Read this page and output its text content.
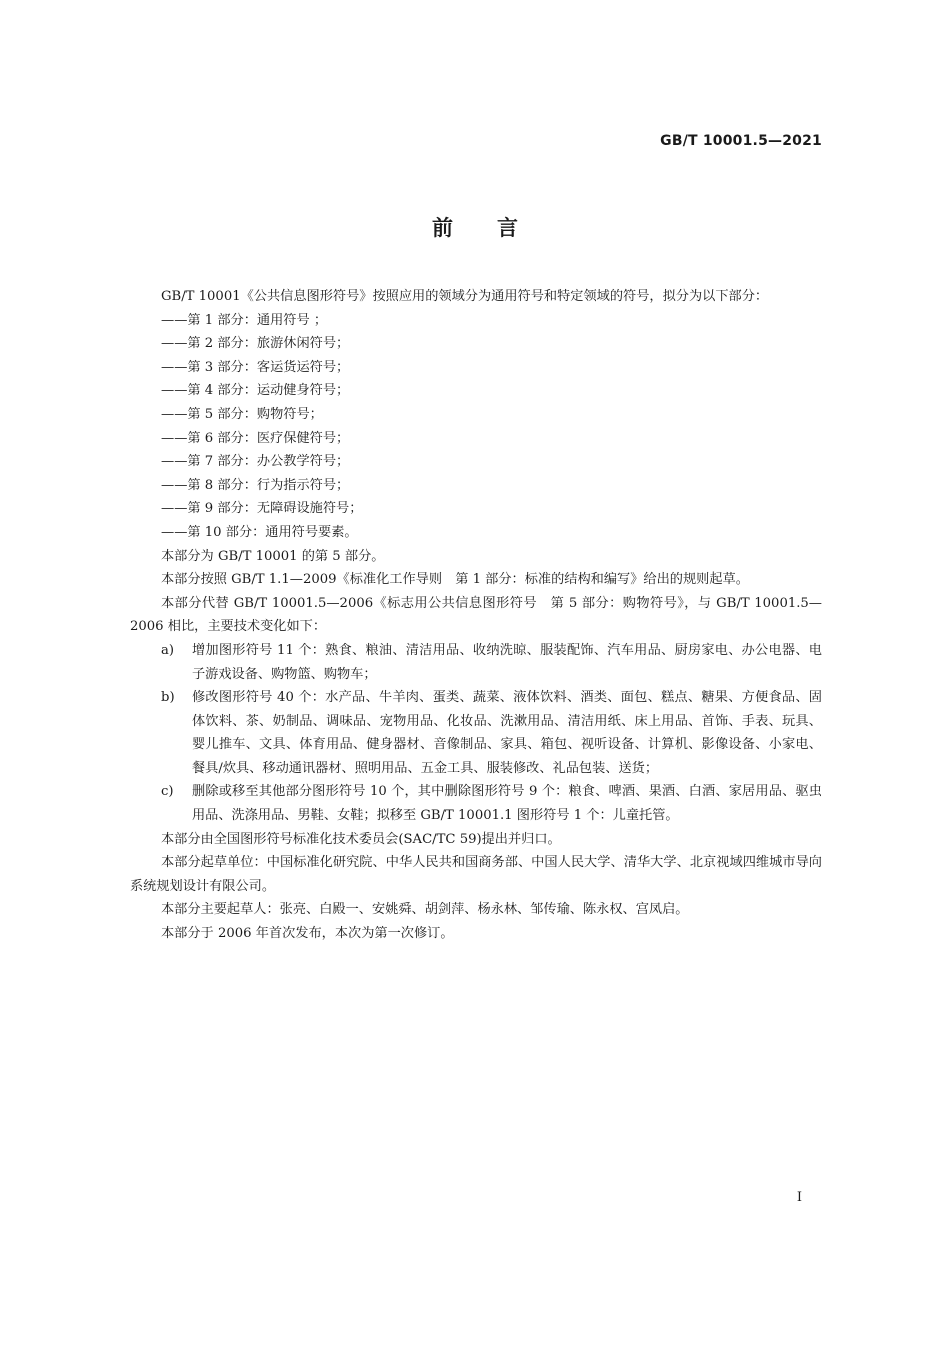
GB/T 10001.5—2021
前言

GB/T 10001《公共信息图形符号》按照应用的领域分为通用符号和特定领域的符号，拟分为以下部分：

——第 1 部分：通用符号 ；

——第 2 部分：旅游休闲符号；

——第 3 部分：客运货运符号；

——第 4 部分：运动健身符号；

——第 5 部分：购物符号；

——第 6 部分：医疗保健符号；

——第 7 部分：办公教学符号；

——第 8 部分：行为指示符号；

——第 9 部分：无障碍设施符号；

——第 10 部分：通用符号要素。

本部分为 GB/T 10001 的第 5 部分。

本部分按照 GB/T 1.1—2009《标准化工作导则　第 1 部分：标准的结构和编写》给出的规则起草。

本部分代替 GB/T 10001.5—2006《标志用公共信息图形符号　第 5 部分：购物符号》，与 GB/T 10001.5—2006 相比，主要技术变化如下：

a) 增加图形符号 11 个：熟食、粮油、清洁用品、收纳洗晾、服装配饰、汽车用品、厨房家电、办公电器、电子游戏设备、购物篮、购物车；
b) 修改图形符号 40 个：水产品、牛羊肉、蛋类、蔬菜、液体饮料、酒类、面包、糕点、糖果、方便食品、固体饮料、茶、奶制品、调味品、宠物用品、化妆品、洗漱用品、清洁用纸、床上用品、首饰、手表、玩具、婴儿推车、文具、体育用品、健身器材、音像制品、家具、箱包、视听设备、计算机、影像设备、小家电、餐具/炊具、移动通讯器材、照明用品、五金工具、服装修改、礼品包装、送货；
c) 删除或移至其他部分图形符号 10 个，其中删除图形符号 9 个：粮食、啤酒、果酒、白酒、家居用品、驱虫用品、洗涤用品、男鞋、女鞋；拟移至 GB/T 10001.1 图形符号 1 个：儿童托管。

本部分由全国图形符号标准化技术委员会(SAC/TC 59)提出并归口。

本部分起草单位：中国标准化研究院、中华人民共和国商务部、中国人民大学、清华大学、北京视域四维城市导向系统规划设计有限公司。

本部分主要起草人：张亮、白殿一、安姚舜、胡剑萍、杨永林、邹传瑜、陈永权、宫凤启。

本部分于 2006 年首次发布，本次为第一次修订。

I
